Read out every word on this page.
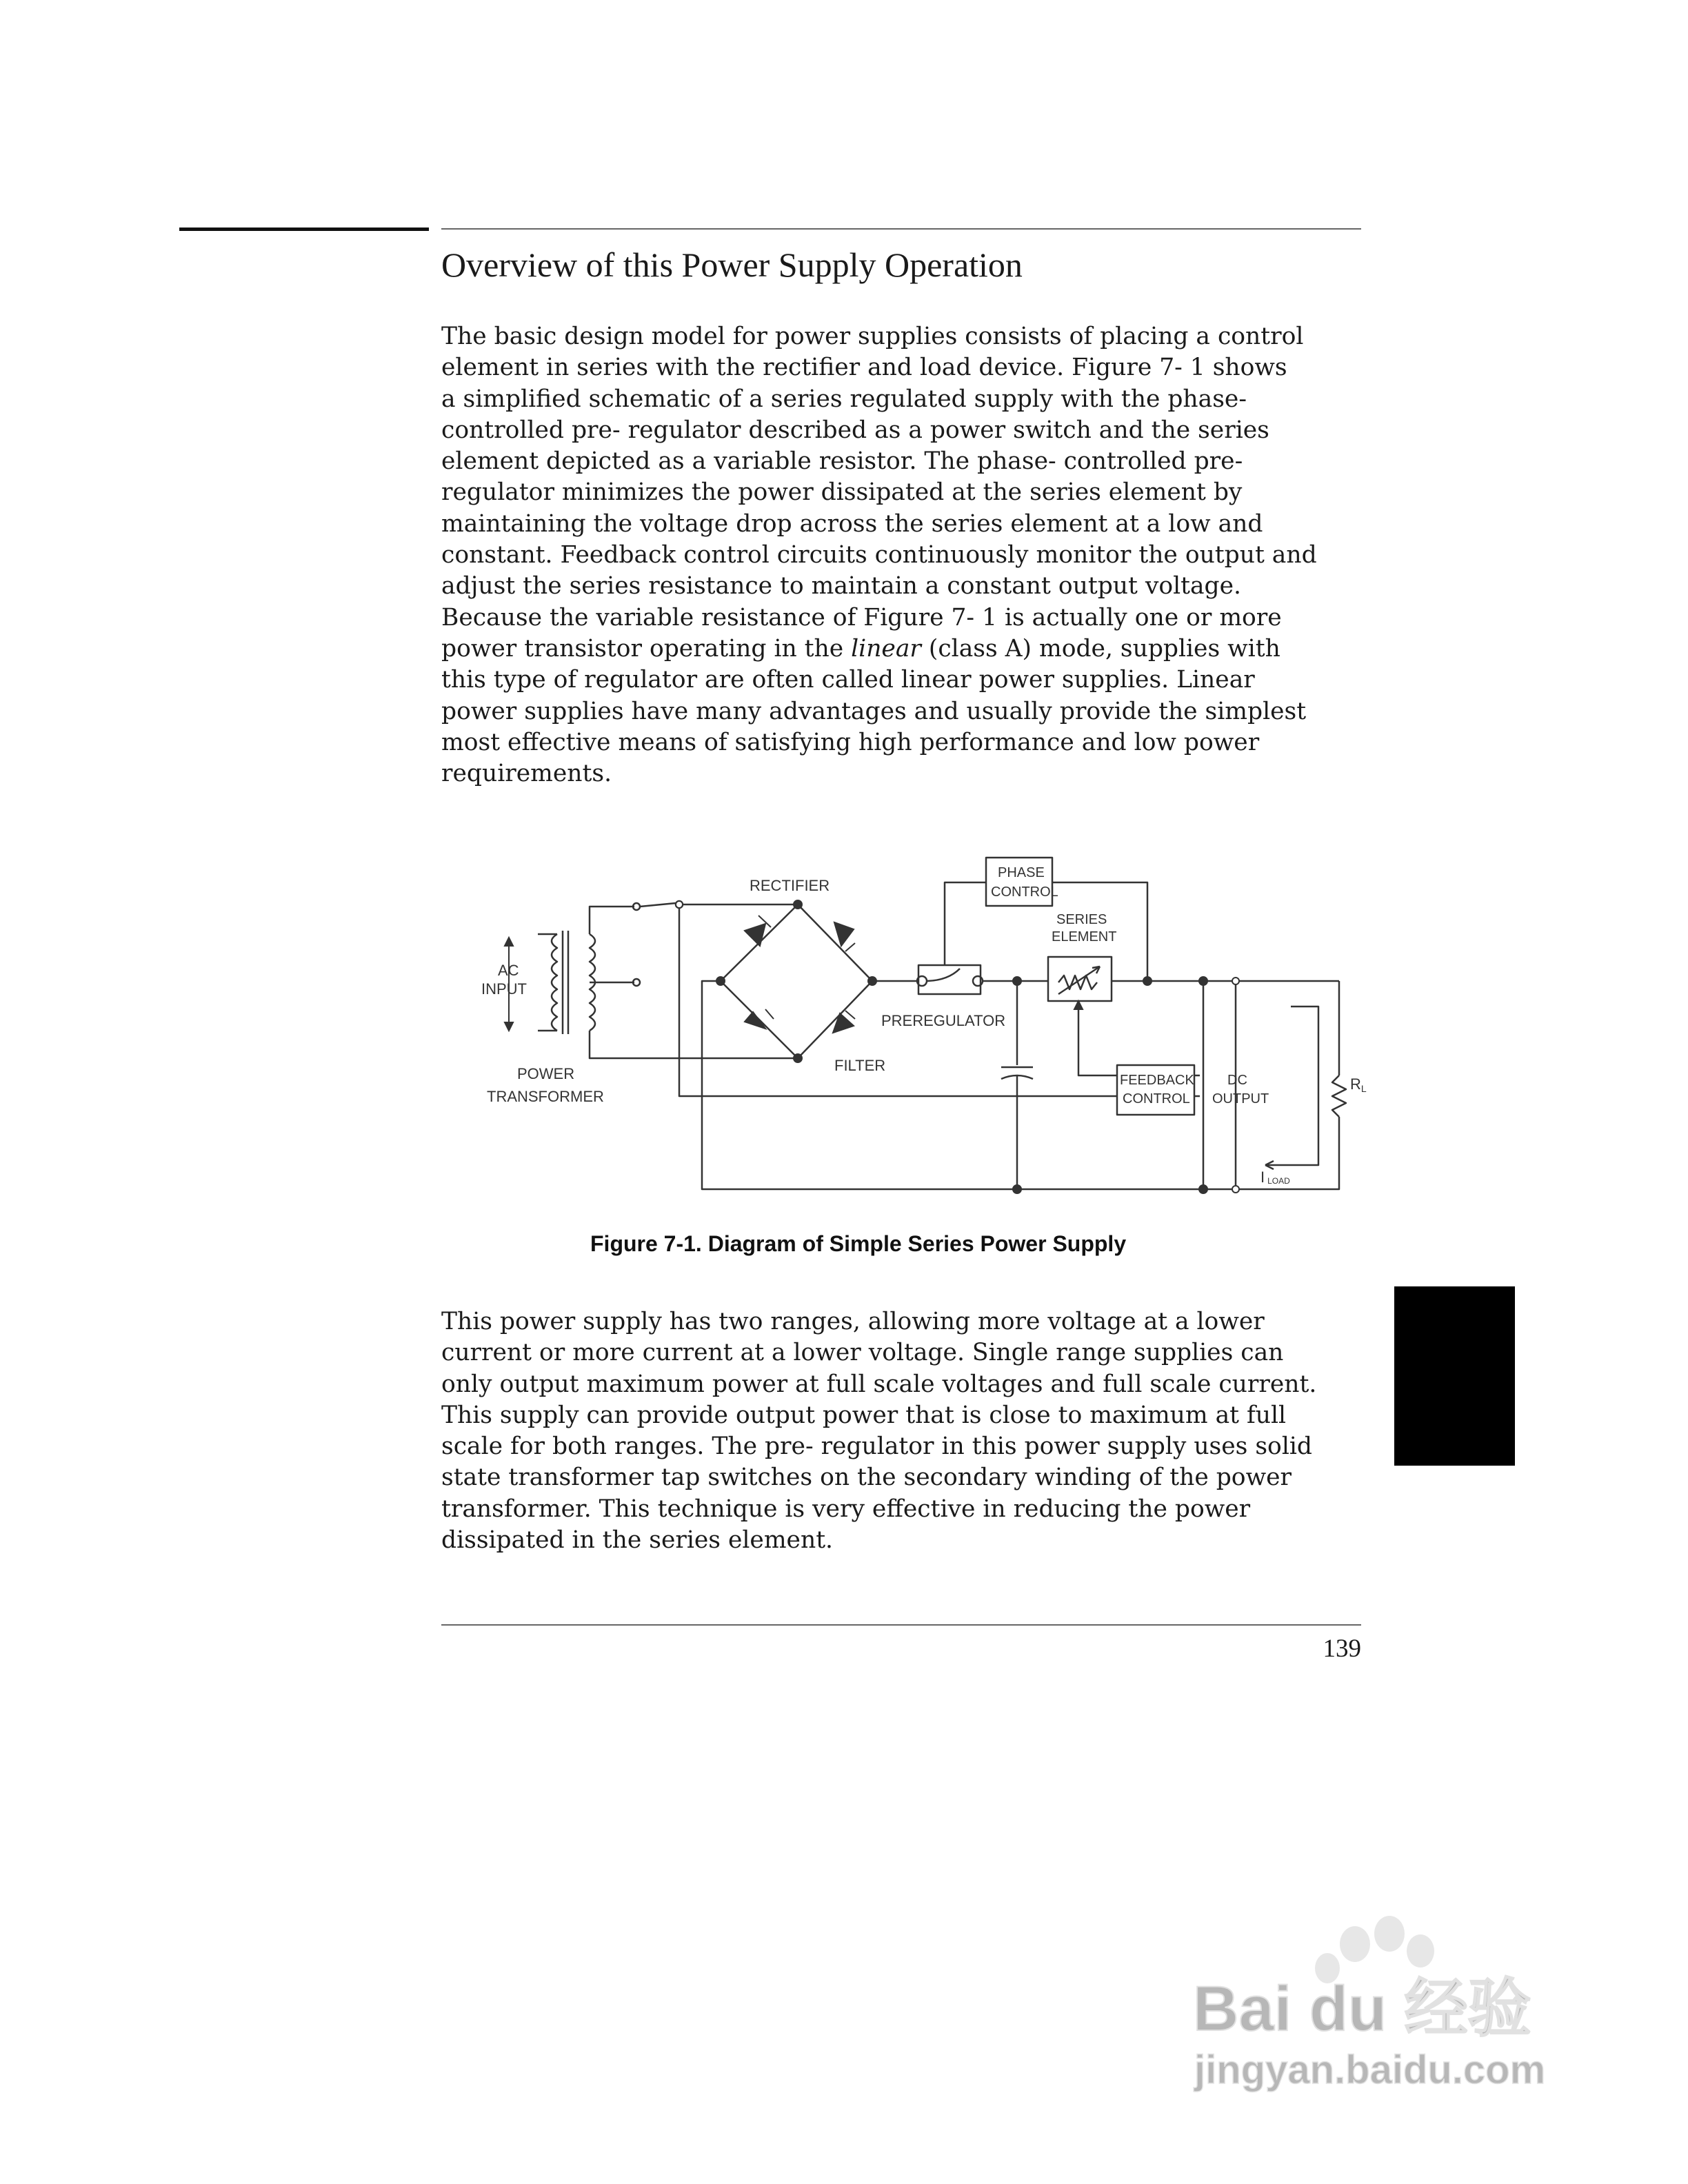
Overview of this Power Supply Operation
The basic design model for power supplies consists of placing a control
element in series with the rectifier and load device. Figure 7- 1 shows
a simplified schematic of a series regulated supply with the phase-
controlled pre- regulator described as a power switch and the series
element depicted as a variable resistor. The phase- controlled pre-
regulator minimizes the power dissipated at the series element by
maintaining the voltage drop across the series element at a low and
constant. Feedback control circuits continuously monitor the output and
adjust the series resistance to maintain a constant output voltage.
Because the variable resistance of Figure 7- 1 is actually one or more
power transistor operating in the linear (class A) mode, supplies with
this type of regulator are often called linear power supplies. Linear
power supplies have many advantages and usually provide the simplest
most effective means of satisfying high performance and low power
requirements.
RECTIFIER
PHASE
CONTROL
SERIES
ELEMENT
AC
INPUT
PREREGULATOR
FILTER
POWER
TRANSFORMER
FEEDBACK
CONTROL
DC
OUTPUT
RL
ILOAD
Figure 7-1. Diagram of Simple Series Power Supply
This power supply has two ranges, allowing more voltage at a lower
current or more current at a lower voltage. Single range supplies can
only output maximum power at full scale voltages and full scale current.
This supply can provide output power that is close to maximum at full
scale for both ranges. The pre- regulator in this power supply uses solid
state transformer tap switches on the secondary winding of the power
transformer. This technique is very effective in reducing the power
dissipated in the series element.
139
Bai du 经验
jingyan.baidu.com
